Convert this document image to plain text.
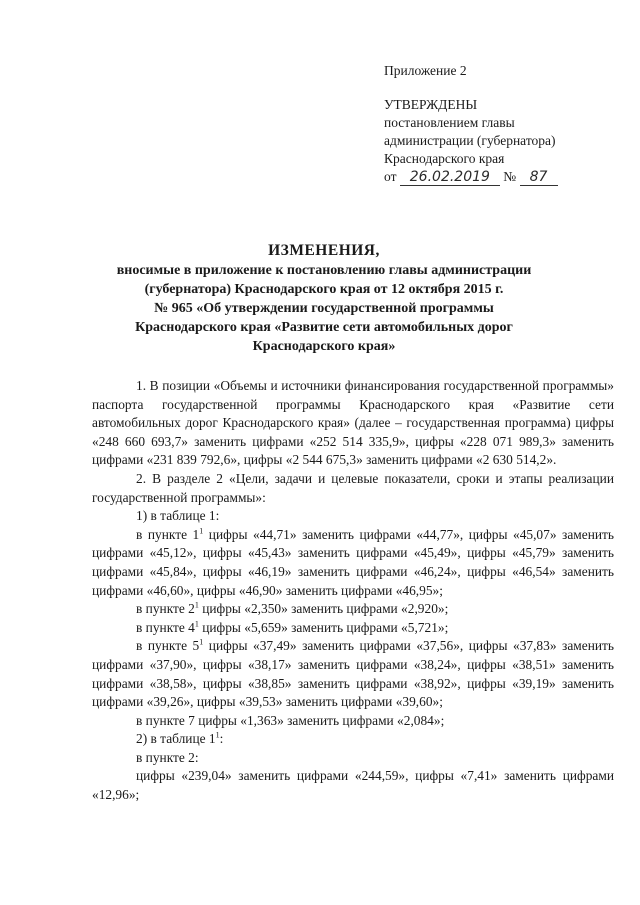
Приложение 2
УТВЕРЖДЕНЫ
постановлением главы
администрации (губернатора)
Краснодарского края
от 26.02.2019 № 87
ИЗМЕНЕНИЯ,
вносимые в приложение к постановлению главы администрации
(губернатора) Краснодарского края от 12 октября 2015 г.
№ 965 «Об утверждении государственной программы
Краснодарского края «Развитие сети автомобильных дорог
Краснодарского края»

1. В позиции «Объемы и источники финансирования государственной программы» паспорта государственной программы Краснодарского края «Развитие сети автомобильных дорог Краснодарского края» (далее – государственная программа) цифры «248 660 693,7» заменить цифрами «252 514 335,9», цифры «228 071 989,3» заменить цифрами «231 839 792,6», цифры «2 544 675,3» заменить цифрами «2 630 514,2».

2. В разделе 2 «Цели, задачи и целевые показатели, сроки и этапы реализации государственной программы»:

1) в таблице 1:

в пункте $1^1$ цифры «44,71» заменить цифрами «44,77», цифры «45,07» заменить цифрами «45,12», цифры «45,43» заменить цифрами «45,49», цифры «45,79» заменить цифрами «45,84», цифры «46,19» заменить цифрами «46,24», цифры «46,54» заменить цифрами «46,60», цифры «46,90» заменить цифрами «46,95»;

в пункте $2^1$ цифры «2,350» заменить цифрами «2,920»;

в пункте $4^1$ цифры «5,659» заменить цифрами «5,721»;

в пункте $5^1$ цифры «37,49» заменить цифрами «37,56», цифры «37,83» заменить цифрами «37,90», цифры «38,17» заменить цифрами «38,24», цифры «38,51» заменить цифрами «38,58», цифры «38,85» заменить цифрами «38,92», цифры «39,19» заменить цифрами «39,26», цифры «39,53» заменить цифрами «39,60»;

в пункте 7 цифры «1,363» заменить цифрами «2,084»;

2) в таблице $1^1$:

в пункте 2:

цифры «239,04» заменить цифрами «244,59», цифры «7,41» заменить цифрами «12,96»;
